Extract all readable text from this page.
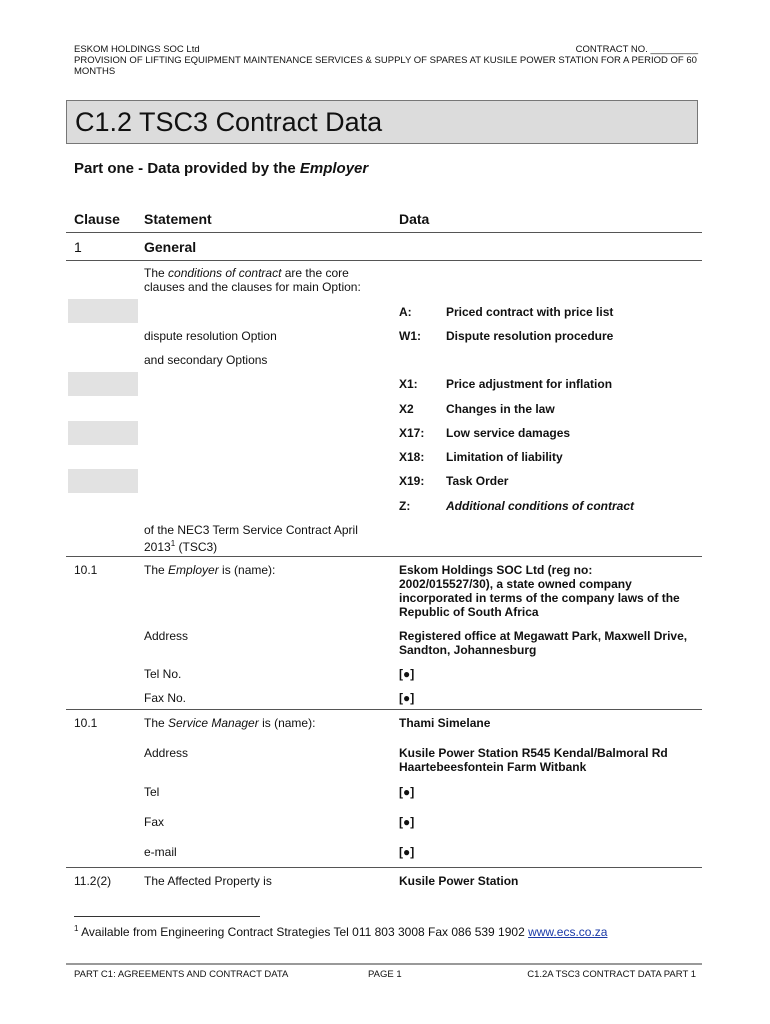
ESKOM HOLDINGS SOC Ltd	CONTRACT NO. _________
PROVISION OF LIFTING EQUIPMENT MAINTENANCE SERVICES & SUPPLY OF SPARES AT KUSILE POWER STATION FOR A PERIOD OF 60 MONTHS
C1.2 TSC3 Contract Data
Part one - Data provided by the Employer
Clause Statement	Data
1	General
The conditions of contract are the core clauses and the clauses for main Option:
dispute resolution Option
and secondary Options
A:	Priced contract with price list
W1: Dispute resolution procedure
X1: Price adjustment for inflation
X2	Changes in the law
X17: Low service damages
X18: Limitation of liability
X19: Task Order
Z:	Additional conditions of contract
of the NEC3 Term Service Contract April 2013$^1$ (TSC3)
10.1	The Employer is (name):	Eskom Holdings SOC Ltd (reg no: 2002/015527/30), a state owned company incorporated in terms of the company laws of the Republic of South Africa
Address	Registered office at Megawatt Park, Maxwell Drive, Sandton, Johannesburg
Tel No.	[●]
Fax No.	[●]
10.1	The Service Manager is (name):	Thami Simelane
Address	Kusile Power Station R545 Kendal/Balmoral Rd Haartebeesfontein Farm Witbank
Tel	[●]
Fax	[●]
e-mail	[●]
11.2(2)	The Affected Property is	Kusile Power Station
$^1$ Available from Engineering Contract Strategies Tel 011 803 3008 Fax 086 539 1902 www.ecs.co.za
PART C1: AGREEMENTS AND CONTRACT DATA	PAGE 1	C1.2A TSC3 CONTRACT DATA PART 1
